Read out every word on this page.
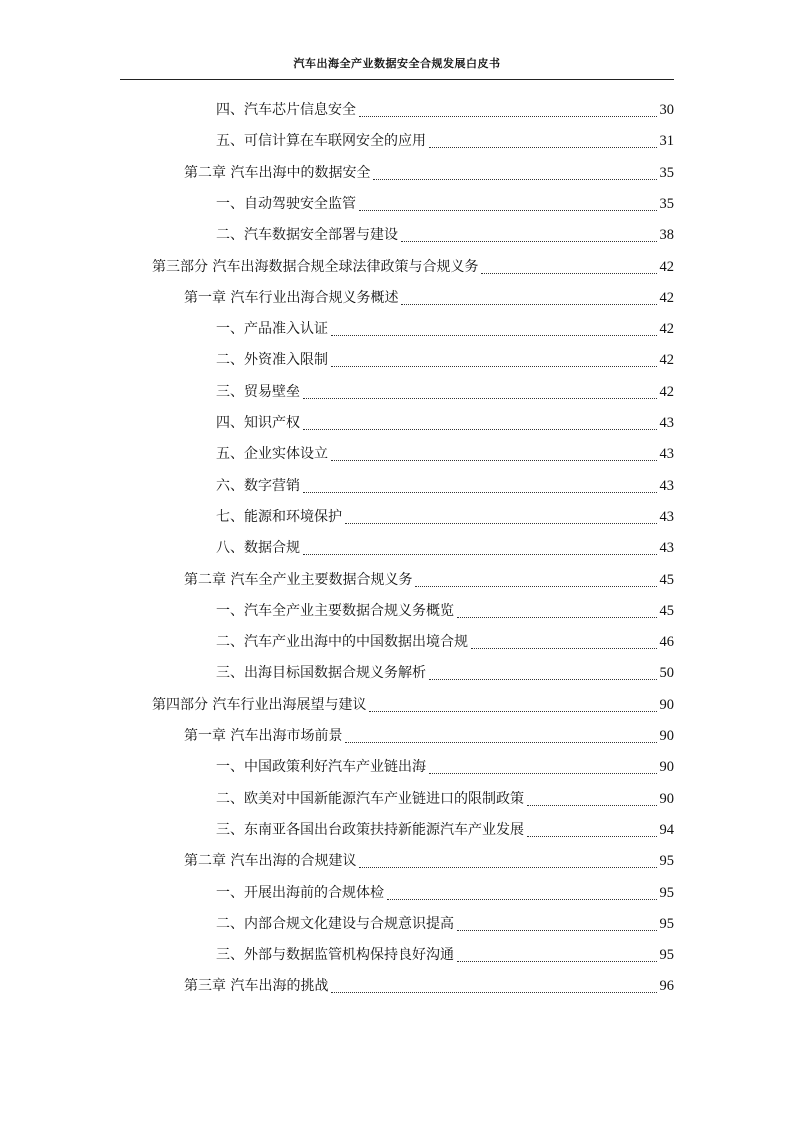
汽车出海全产业数据安全合规发展白皮书
四、汽车芯片信息安全	30
五、可信计算在车联网安全的应用	31
第二章 汽车出海中的数据安全	35
一、自动驾驶安全监管	35
二、汽车数据安全部署与建设	38
第三部分 汽车出海数据合规全球法律政策与合规义务	42
第一章 汽车行业出海合规义务概述	42
一、产品准入认证	42
二、外资准入限制	42
三、贸易壁垒	42
四、知识产权	43
五、企业实体设立	43
六、数字营销	43
七、能源和环境保护	43
八、数据合规	43
第二章 汽车全产业主要数据合规义务	45
一、汽车全产业主要数据合规义务概览	45
二、汽车产业出海中的中国数据出境合规	46
三、出海目标国数据合规义务解析	50
第四部分 汽车行业出海展望与建议	90
第一章 汽车出海市场前景	90
一、中国政策利好汽车产业链出海	90
二、欧美对中国新能源汽车产业链进口的限制政策	90
三、东南亚各国出台政策扶持新能源汽车产业发展	94
第二章 汽车出海的合规建议	95
一、开展出海前的合规体检	95
二、内部合规文化建设与合规意识提高	95
三、外部与数据监管机构保持良好沟通	95
第三章 汽车出海的挑战	96
